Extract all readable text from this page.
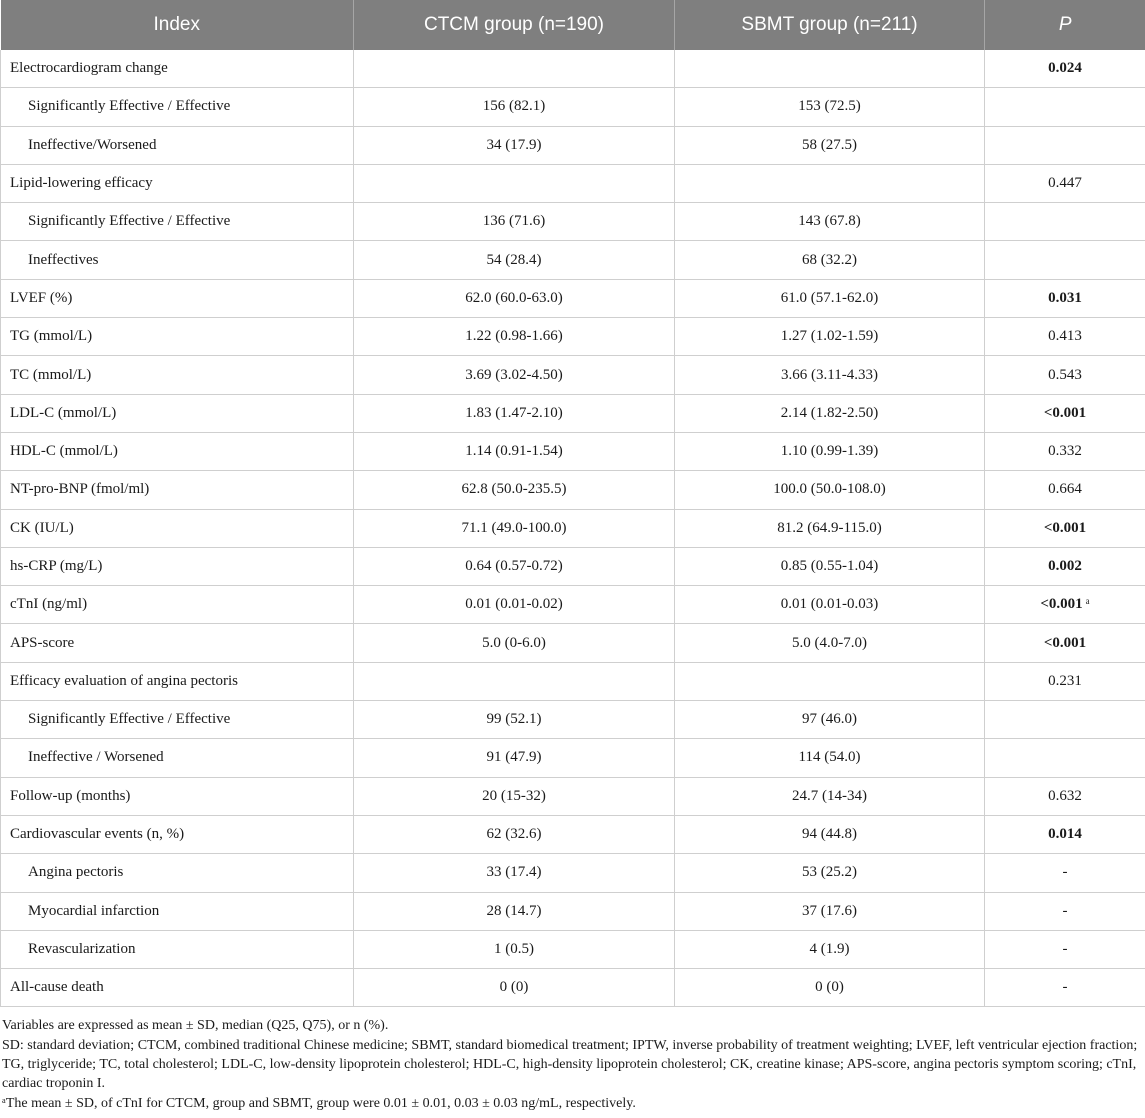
Index	CTCM group (n=190)	SBMT group (n=211)	P
Electrocardiogram change			0.024
Significantly Effective / Effective	156 (82.1)	153 (72.5)	
Ineffective/Worsened	34 (17.9)	58 (27.5)	
Lipid-lowering efficacy			0.447
Significantly Effective / Effective	136 (71.6)	143 (67.8)	
Ineffectives	54 (28.4)	68 (32.2)	
LVEF (%)	62.0 (60.0-63.0)	61.0 (57.1-62.0)	0.031
TG (mmol/L)	1.22 (0.98-1.66)	1.27 (1.02-1.59)	0.413
TC (mmol/L)	3.69 (3.02-4.50)	3.66 (3.11-4.33)	0.543
LDL-C (mmol/L)	1.83 (1.47-2.10)	2.14 (1.82-2.50)	<0.001
HDL-C (mmol/L)	1.14 (0.91-1.54)	1.10 (0.99-1.39)	0.332
NT-pro-BNP (fmol/ml)	62.8 (50.0-235.5)	100.0 (50.0-108.0)	0.664
CK (IU/L)	71.1 (49.0-100.0)	81.2 (64.9-115.0)	<0.001
hs-CRP (mg/L)	0.64 (0.57-0.72)	0.85 (0.55-1.04)	0.002
cTnI (ng/ml)	0.01 (0.01-0.02)	0.01 (0.01-0.03)	<0.001 $^a$
APS-score	5.0 (0-6.0)	5.0 (4.0-7.0)	<0.001
Efficacy evaluation of angina pectoris			0.231
Significantly Effective / Effective	99 (52.1)	97 (46.0)	
Ineffective / Worsened	91 (47.9)	114 (54.0)	
Follow-up (months)	20 (15-32)	24.7 (14-34)	0.632
Cardiovascular events (n, %)	62 (32.6)	94 (44.8)	0.014
Angina pectoris	33 (17.4)	53 (25.2)	-
Myocardial infarction	28 (14.7)	37 (17.6)	-
Revascularization	1 (0.5)	4 (1.9)	-
All-cause death	0 (0)	0 (0)	-

Variables are expressed as mean ± SD, median (Q25, Q75), or n (%).

SD: standard deviation; CTCM, combined traditional Chinese medicine; SBMT, standard biomedical treatment; IPTW, inverse probability of treatment weighting; LVEF, left ventricular ejection fraction; TG, triglyceride; TC, total cholesterol; LDL-C, low-density lipoprotein cholesterol; HDL-C, high-density lipoprotein cholesterol; CK, creatine kinase; APS-score, angina pectoris symptom scoring; cTnI, cardiac troponin I.

ᵃThe mean ± SD, of cTnI for CTCM, group and SBMT, group were 0.01 ± 0.01, 0.03 ± 0.03 ng/mL, respectively.
